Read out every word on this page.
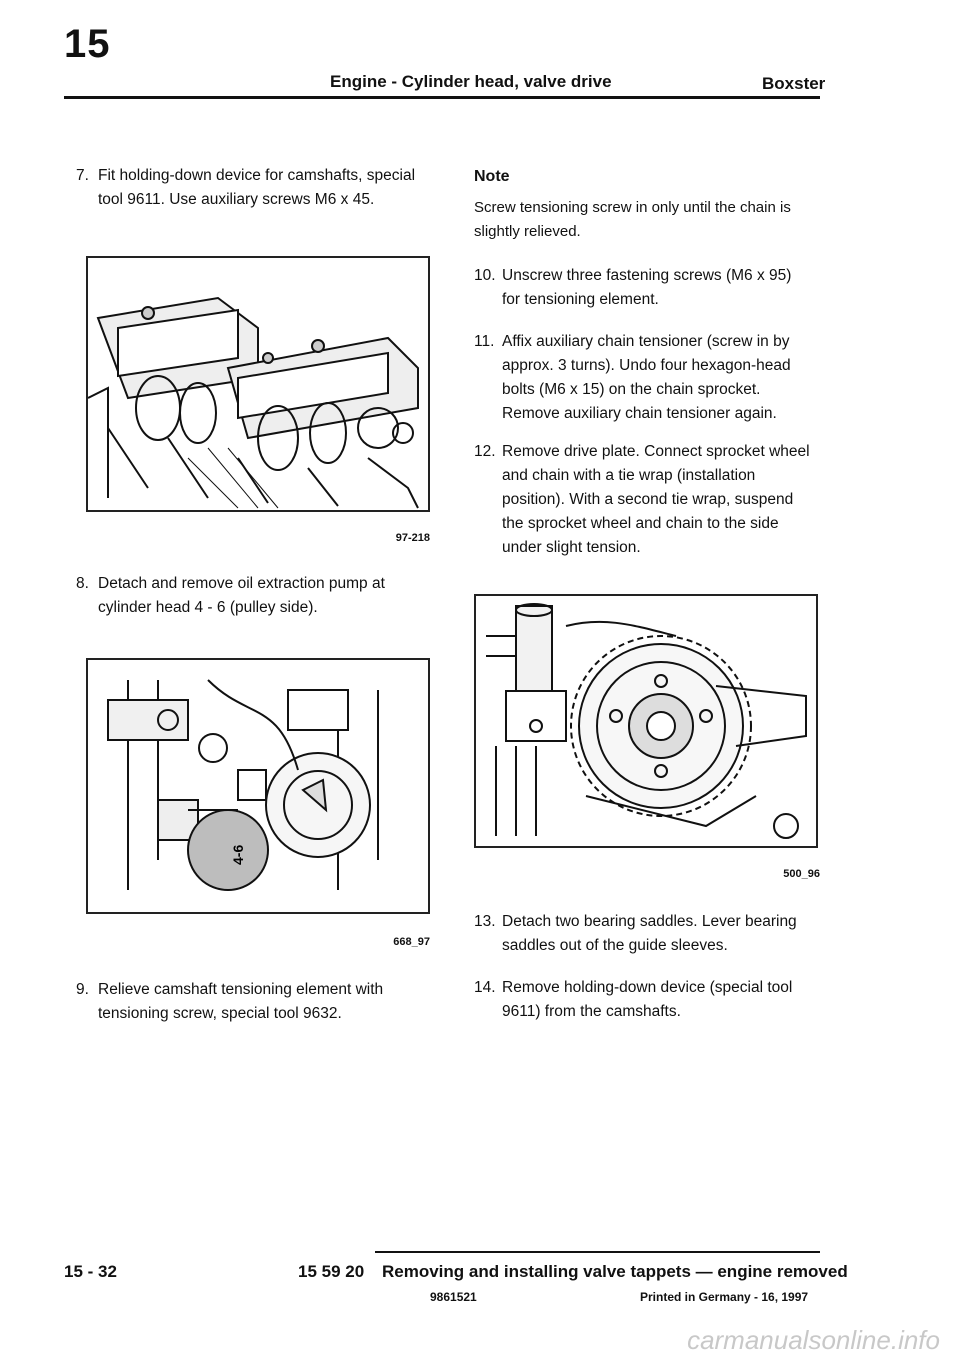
15
Engine - Cylinder head, valve drive	Boxster
7. Fit holding-down device for camshafts, special tool 9611. Use auxiliary screws M6 x 45.
97-218
8. Detach and remove oil extraction pump at cylinder head 4 - 6 (pulley side).
4-6
668_97
9. Relieve camshaft tensioning element with tensioning screw, special tool 9632.
Note
Screw tensioning screw in only until the chain is slightly relieved.
10. Unscrew three fastening screws (M6 x 95) for tensioning element.
11. Affix auxiliary chain tensioner (screw in by approx. 3 turns). Undo four hexagon-head bolts (M6 x 15) on the chain sprocket. Remove auxiliary chain tensioner again.
12. Remove drive plate. Connect sprocket wheel and chain with a tie wrap (installation position). With a second tie wrap, suspend the sprocket wheel and chain to the side under slight tension.
500_96
13. Detach two bearing saddles. Lever bearing saddles out of the guide sleeves.
14. Remove holding-down device (special tool 9611) from the camshafts.
15 - 32	15 59 20 Removing and installing valve tappets — engine removed
9861521	Printed in Germany - 16, 1997
carmanualsonline.info
